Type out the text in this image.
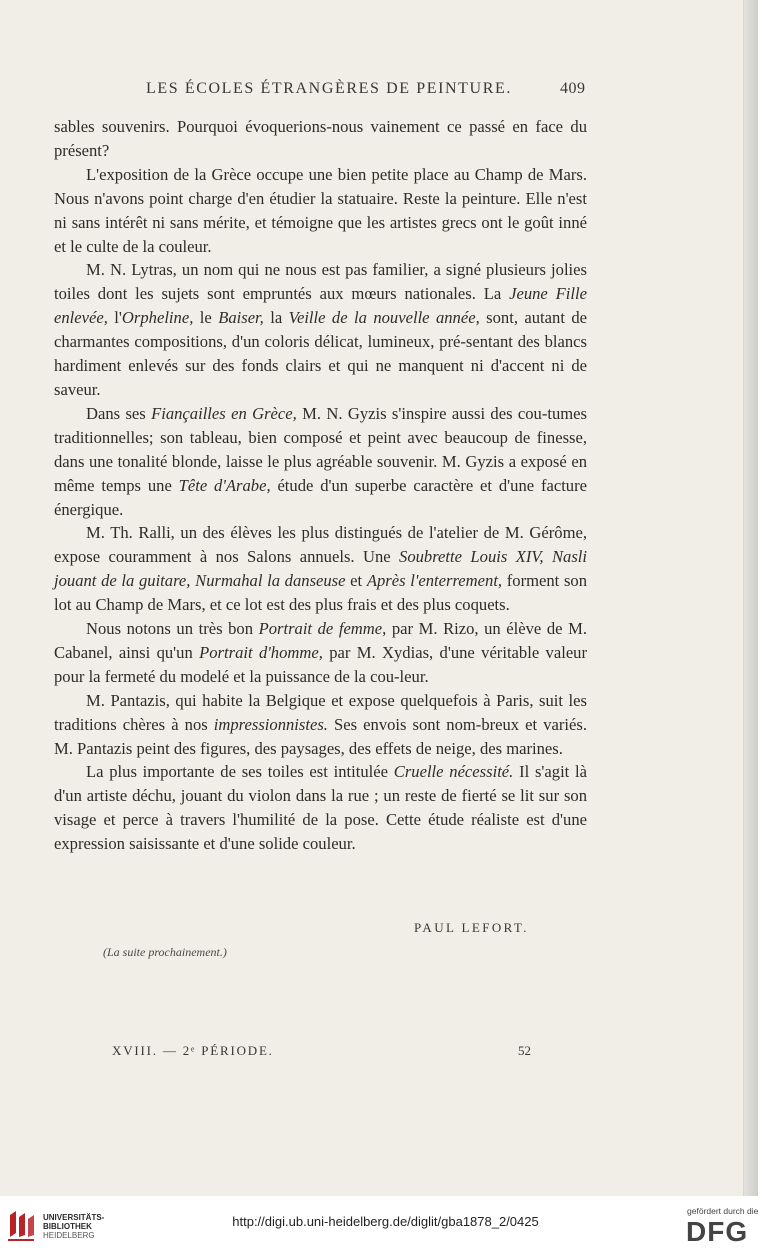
LES ÉCOLES ÉTRANGÈRES DE PEINTURE.	409

sables souvenirs. Pourquoi évoquerions-nous vainement ce passé en face du présent?

L'exposition de la Grèce occupe une bien petite place au Champ de Mars. Nous n'avons point charge d'en étudier la statuaire. Reste la peinture. Elle n'est ni sans intérêt ni sans mérite, et témoigne que les artistes grecs ont le goût inné et le culte de la couleur.

M. N. Lytras, un nom qui ne nous est pas familier, a signé plusieurs jolies toiles dont les sujets sont empruntés aux mœurs nationales. La Jeune Fille enlevée, l'Orpheline, le Baiser, la Veille de la nouvelle année, sont, autant de charmantes compositions, d'un coloris délicat, lumineux, pré-sentant des blancs hardiment enlevés sur des fonds clairs et qui ne manquent ni d'accent ni de saveur.

Dans ses Fiançailles en Grèce, M. N. Gyzis s'inspire aussi des cou-tumes traditionnelles; son tableau, bien composé et peint avec beaucoup de finesse, dans une tonalité blonde, laisse le plus agréable souvenir. M. Gyzis a exposé en même temps une Tête d'Arabe, étude d'un superbe caractère et d'une facture énergique.

M. Th. Ralli, un des élèves les plus distingués de l'atelier de M. Gérôme, expose couramment à nos Salons annuels. Une Soubrette Louis XIV, Nasli jouant de la guitare, Nurmahal la danseuse et Après l'enterrement, forment son lot au Champ de Mars, et ce lot est des plus frais et des plus coquets.

Nous notons un très bon Portrait de femme, par M. Rizo, un élève de M. Cabanel, ainsi qu'un Portrait d'homme, par M. Xydias, d'une véritable valeur pour la fermeté du modelé et la puissance de la cou-leur.

M. Pantazis, qui habite la Belgique et expose quelquefois à Paris, suit les traditions chères à nos impressionnistes. Ses envois sont nom-breux et variés. M. Pantazis peint des figures, des paysages, des effets de neige, des marines.

La plus importante de ses toiles est intitulée Cruelle nécessité. Il s'agit là d'un artiste déchu, jouant du violon dans la rue ; un reste de fierté se lit sur son visage et perce à travers l'humilité de la pose. Cette étude réaliste est d'une expression saisissante et d'une solide couleur.

PAUL LEFORT.
(La suite prochainement.)
XVIII. — 2ᵉ PÉRIODE.	52
UNIVERSITÄTS-
BIBLIOTHEK
HEIDELBERG
http://digi.ub.uni-heidelberg.de/diglit/gba1878_2/0425
gefördert durch die
DFG
